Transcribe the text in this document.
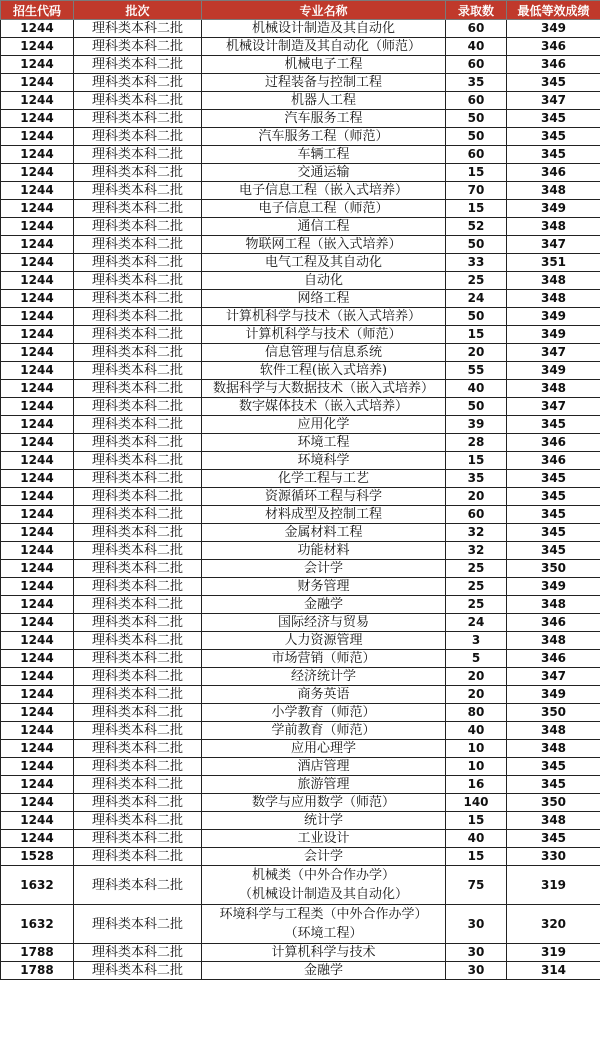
招生代码	批次	专业名称	录取数	最低等效成绩
1244	理科类本科二批	机械设计制造及其自动化	60	349
1244	理科类本科二批	机械设计制造及其自动化（师范）	40	346
1244	理科类本科二批	机械电子工程	60	346
1244	理科类本科二批	过程装备与控制工程	35	345
1244	理科类本科二批	机器人工程	60	347
1244	理科类本科二批	汽车服务工程	50	345
1244	理科类本科二批	汽车服务工程（师范）	50	345
1244	理科类本科二批	车辆工程	60	345
1244	理科类本科二批	交通运输	15	346
1244	理科类本科二批	电子信息工程（嵌入式培养）	70	348
1244	理科类本科二批	电子信息工程（师范）	15	349
1244	理科类本科二批	通信工程	52	348
1244	理科类本科二批	物联网工程（嵌入式培养）	50	347
1244	理科类本科二批	电气工程及其自动化	33	351
1244	理科类本科二批	自动化	25	348
1244	理科类本科二批	网络工程	24	348
1244	理科类本科二批	计算机科学与技术（嵌入式培养）	50	349
1244	理科类本科二批	计算机科学与技术（师范）	15	349
1244	理科类本科二批	信息管理与信息系统	20	347
1244	理科类本科二批	软件工程(嵌入式培养)	55	349
1244	理科类本科二批	数据科学与大数据技术（嵌入式培养）	40	348
1244	理科类本科二批	数字媒体技术（嵌入式培养）	50	347
1244	理科类本科二批	应用化学	39	345
1244	理科类本科二批	环境工程	28	346
1244	理科类本科二批	环境科学	15	346
1244	理科类本科二批	化学工程与工艺	35	345
1244	理科类本科二批	资源循环工程与科学	20	345
1244	理科类本科二批	材料成型及控制工程	60	345
1244	理科类本科二批	金属材料工程	32	345
1244	理科类本科二批	功能材料	32	345
1244	理科类本科二批	会计学	25	350
1244	理科类本科二批	财务管理	25	349
1244	理科类本科二批	金融学	25	348
1244	理科类本科二批	国际经济与贸易	24	346
1244	理科类本科二批	人力资源管理	3	348
1244	理科类本科二批	市场营销（师范）	5	346
1244	理科类本科二批	经济统计学	20	347
1244	理科类本科二批	商务英语	20	349
1244	理科类本科二批	小学教育（师范）	80	350
1244	理科类本科二批	学前教育（师范）	40	348
1244	理科类本科二批	应用心理学	10	348
1244	理科类本科二批	酒店管理	10	345
1244	理科类本科二批	旅游管理	16	345
1244	理科类本科二批	数学与应用数学（师范）	140	350
1244	理科类本科二批	统计学	15	348
1244	理科类本科二批	工业设计	40	345
1528	理科类本科二批	会计学	15	330
1632	理科类本科二批	机械类（中外合作办学）
（机械设计制造及其自动化）	75	319
1632	理科类本科二批	环境科学与工程类（中外合作办学）
（环境工程）	30	320
1788	理科类本科二批	计算机科学与技术	30	319
1788	理科类本科二批	金融学	30	314
